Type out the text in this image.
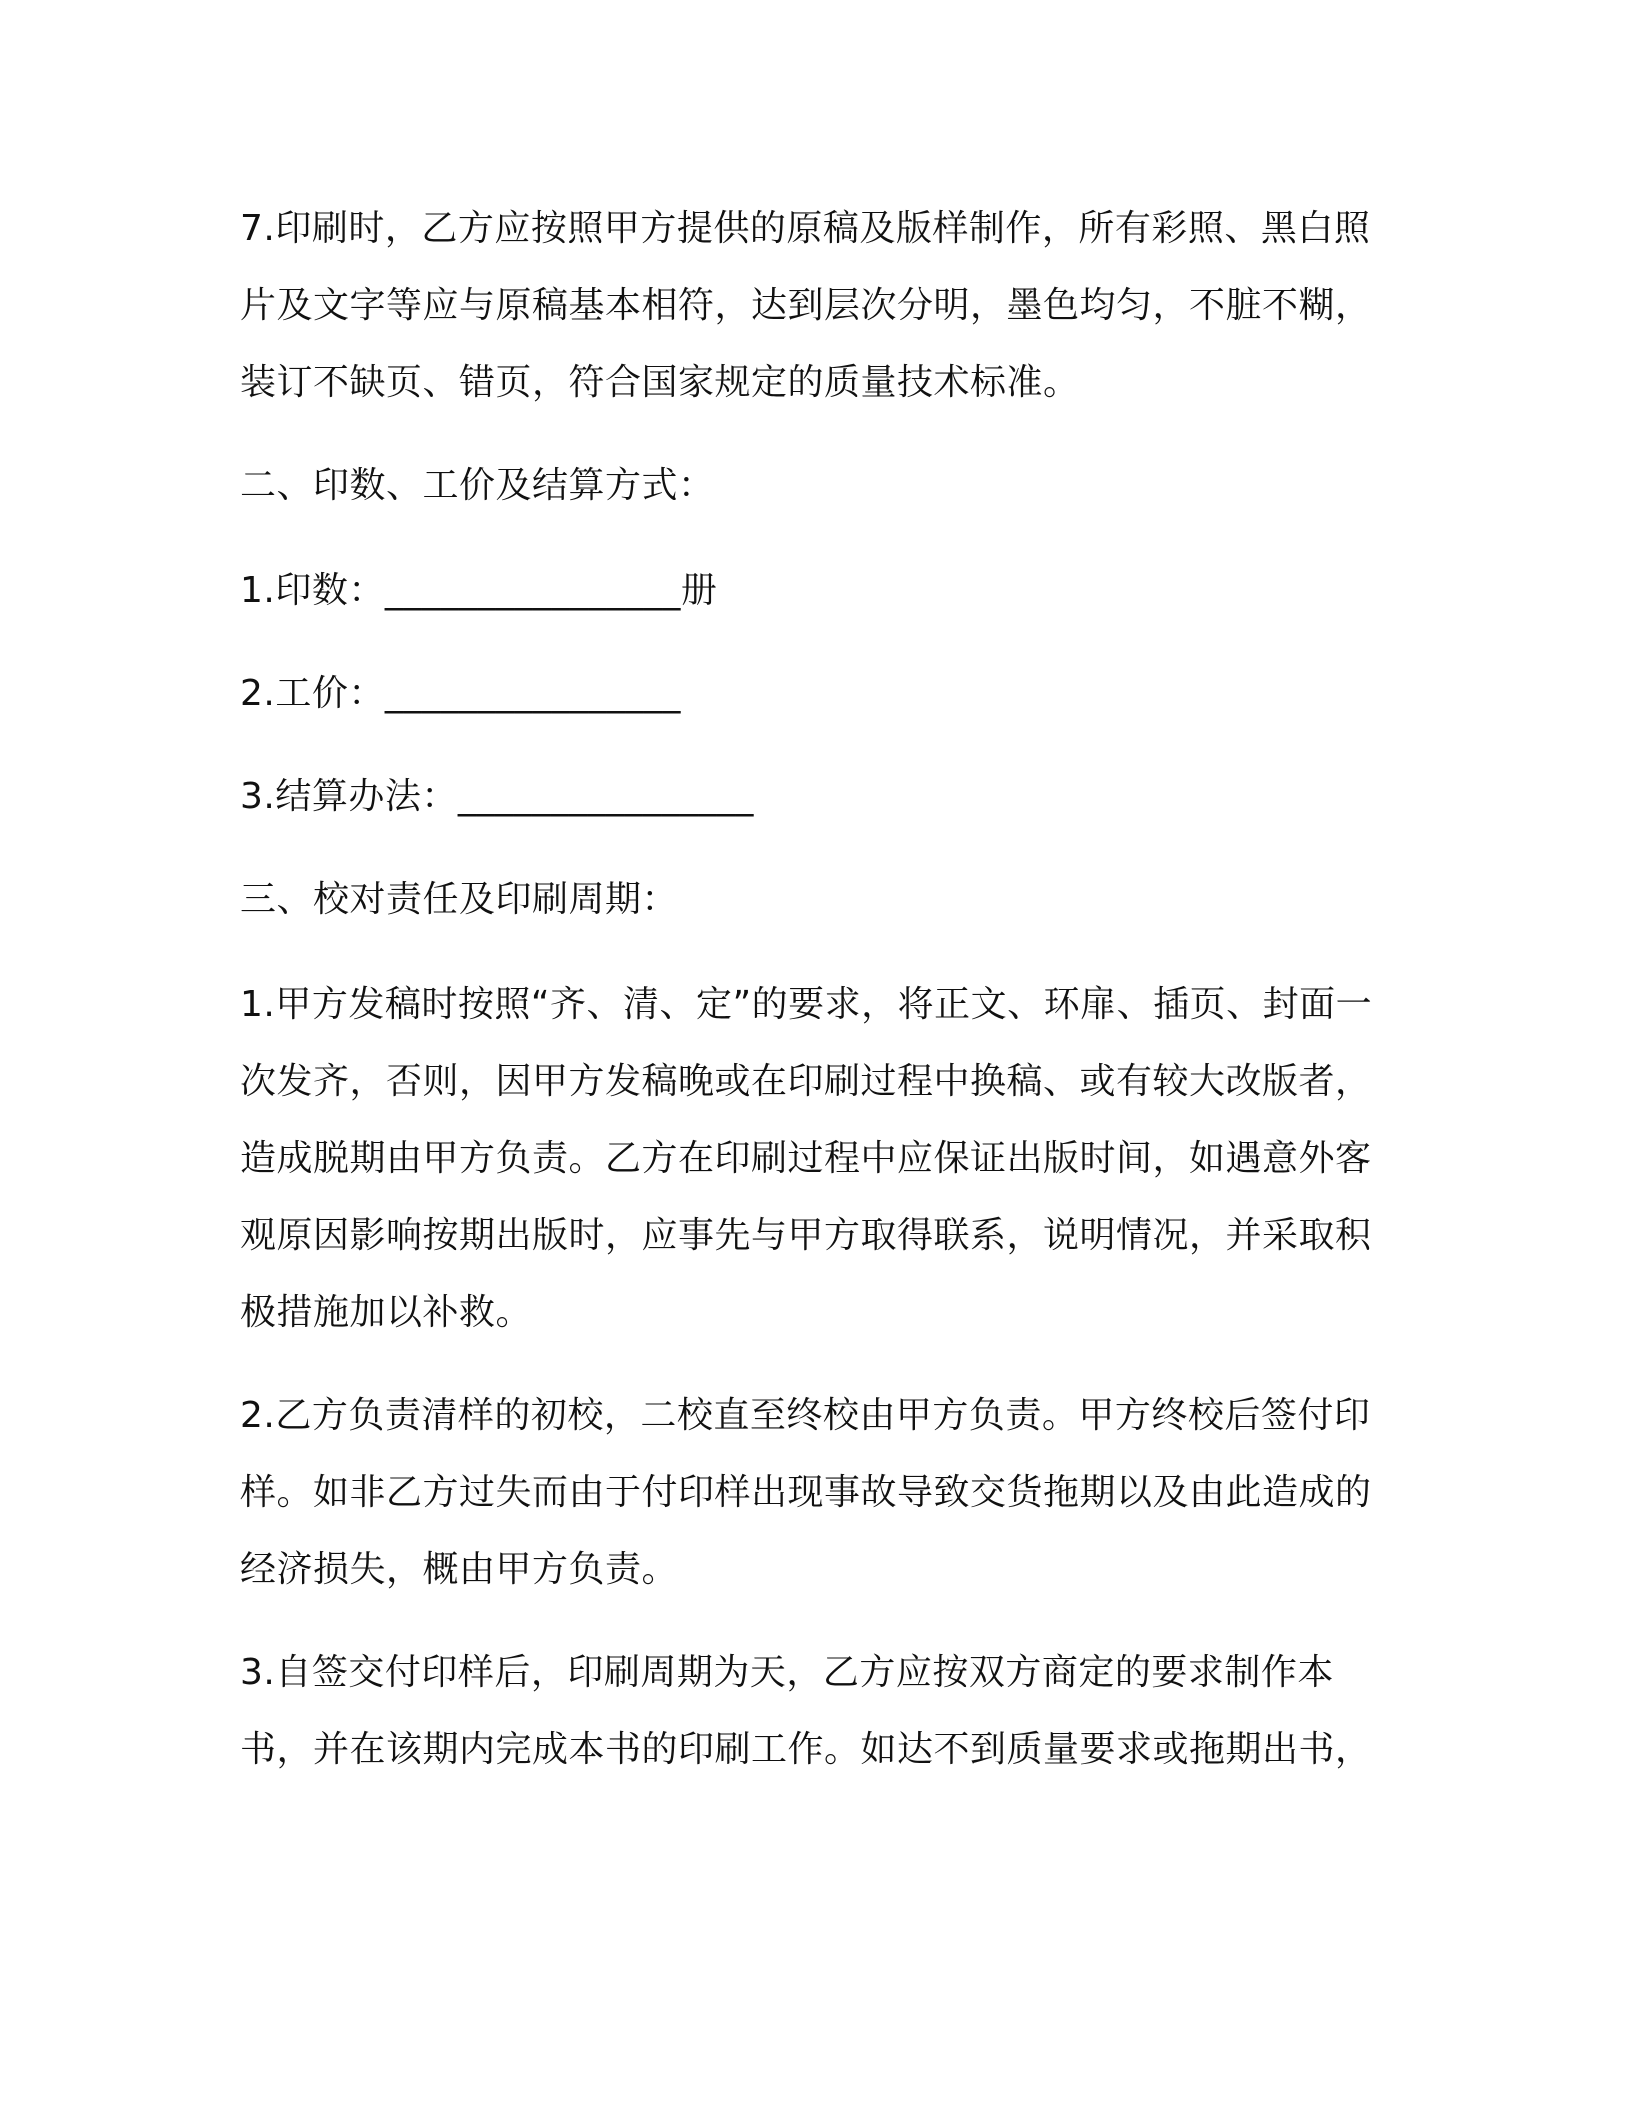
7.印刷时，乙方应按照甲方提供的原稿及版样制作，所有彩照、黑白照片及文字等应与原稿基本相符，达到层次分明，墨色均匀，不脏不糊，装订不缺页、错页，符合国家规定的质量技术标准。

二、印数、工价及结算方式：

1.印数：________________册

2.工价：________________

3.结算办法：________________

三、校对责任及印刷周期：

1.甲方发稿时按照“齐、清、定”的要求，将正文、环扉、插页、封面一次发齐，否则，因甲方发稿晚或在印刷过程中换稿、或有较大改版者，造成脱期由甲方负责。乙方在印刷过程中应保证出版时间，如遇意外客观原因影响按期出版时，应事先与甲方取得联系，说明情况，并采取积极措施加以补救。

2.乙方负责清样的初校，二校直至终校由甲方负责。甲方终校后签付印样。如非乙方过失而由于付印样出现事故导致交货拖期以及由此造成的经济损失，概由甲方负责。

3.自签交付印样后，印刷周期为天，乙方应按双方商定的要求制作本书，并在该期内完成本书的印刷工作。如达不到质量要求或拖期出书，
